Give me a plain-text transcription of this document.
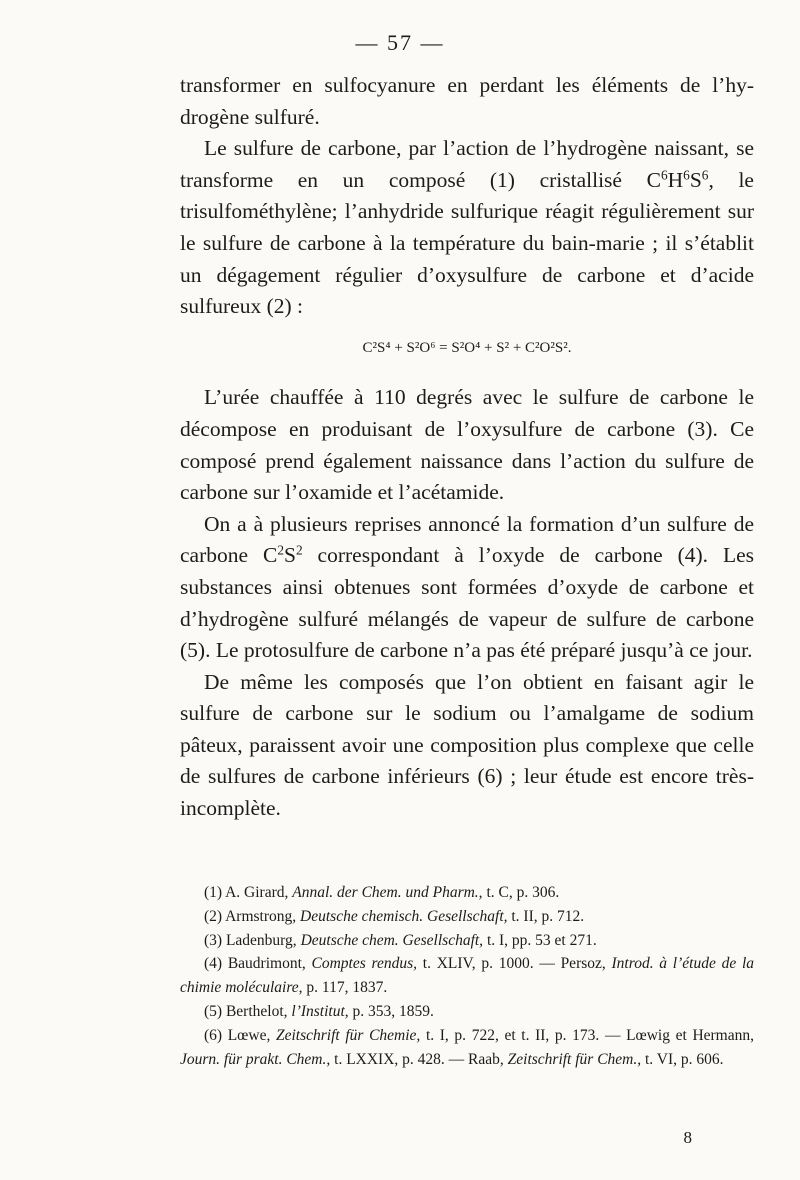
— 57 —

transformer en sulfocyanure en perdant les éléments de l’hy-drogène sulfuré.

Le sulfure de carbone, par l’action de l’hydrogène naissant, se transforme en un composé (1) cristallisé $C^6H^6S^6$, le trisulfométhylène; l’anhydride sulfurique réagit régulièrement sur le sulfure de carbone à la température du bain-marie ; il s’établit un dégagement régulier d’oxysulfure de carbone et d’acide sulfureux (2) :

C²S⁴ + S²O⁶ = S²O⁴ + S² + C²O²S².

L’urée chauffée à 110 degrés avec le sulfure de carbone le décompose en produisant de l’oxysulfure de carbone (3). Ce composé prend également naissance dans l’action du sulfure de carbone sur l’oxamide et l’acétamide.

On a à plusieurs reprises annoncé la formation d’un sulfure de carbone $C^2S^2$ correspondant à l’oxyde de carbone (4). Les substances ainsi obtenues sont formées d’oxyde de carbone et d’hydrogène sulfuré mélangés de vapeur de sulfure de carbone (5). Le protosulfure de carbone n’a pas été préparé jusqu’à ce jour.

De même les composés que l’on obtient en faisant agir le sulfure de carbone sur le sodium ou l’amalgame de sodium pâteux, paraissent avoir une composition plus complexe que celle de sulfures de carbone inférieurs (6) ; leur étude est encore très-incomplète.

(1) A. Girard, Annal. der Chem. und Pharm., t. C, p. 306.

(2) Armstrong, Deutsche chemisch. Gesellschaft, t. II, p. 712.

(3) Ladenburg, Deutsche chem. Gesellschaft, t. I, pp. 53 et 271.

(4) Baudrimont, Comptes rendus, t. XLIV, p. 1000. — Persoz, Introd. à l’étude de la chimie moléculaire, p. 117, 1837.

(5) Berthelot, l’Institut, p. 353, 1859.

(6) Lœwe, Zeitschrift für Chemie, t. I, p. 722, et t. II, p. 173. — Lœwig et Hermann, Journ. für prakt. Chem., t. LXXIX, p. 428. — Raab, Zeitschrift für Chem., t. VI, p. 606.

8
